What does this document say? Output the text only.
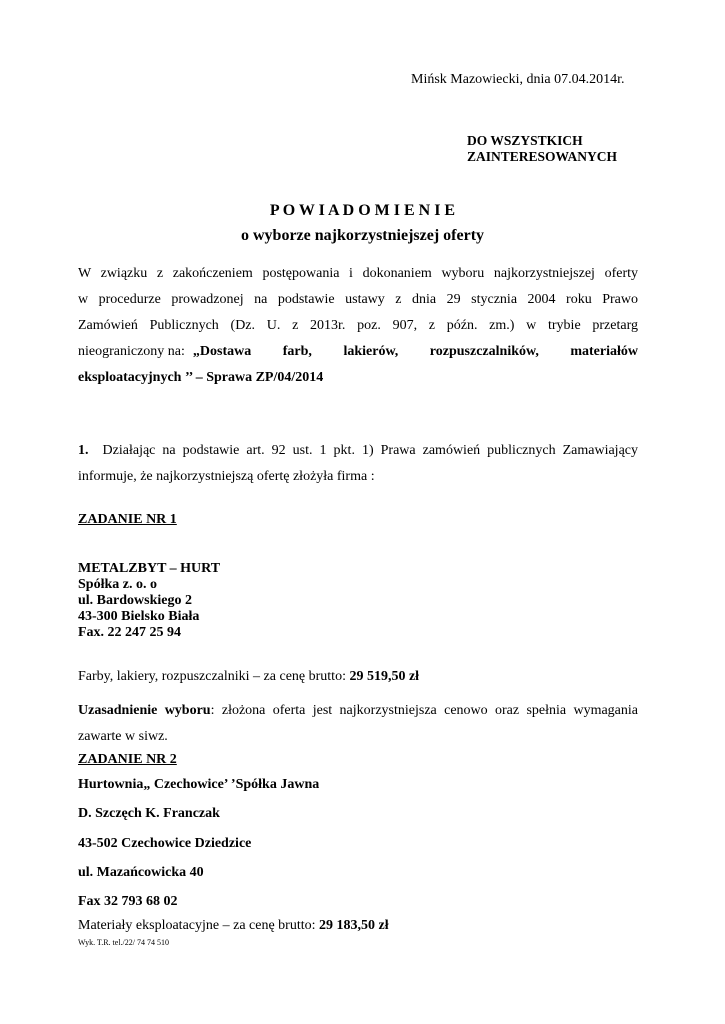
Mińsk Mazowiecki, dnia 07.04.2014r.
DO WSZYSTKICH
ZAINTERESOWANYCH
P O W I A D O M I E N I E
o wyborze najkorzystniejszej oferty
W związku z zakończeniem postępowania i dokonaniem wyboru najkorzystniejszej oferty
w procedurze prowadzonej na podstawie ustawy z dnia 29 stycznia 2004 roku Prawo
Zamówień Publicznych (Dz. U. z 2013r. poz. 907, z późn. zm.) w trybie przetarg
nieograniczony na: „Dostawa farb, lakierów, rozpuszczalników, materiałów
eksploatacyjnych ’’ – Sprawa ZP/04/2014
1. Działając na podstawie art. 92 ust. 1 pkt. 1) Prawa zamówień publicznych Zamawiający
informuje, że najkorzystniejszą ofertę złożyła firma :
ZADANIE NR 1
METALZBYT – HURT
Spółka z. o. o
ul. Bardowskiego 2
43-300 Bielsko Biała
Fax. 22 247 25 94
Farby, lakiery, rozpuszczalniki – za cenę brutto: 29 519,50 zł
Uzasadnienie wyboru: złożona oferta jest najkorzystniejsza cenowo oraz spełnia wymagania
zawarte w siwz.
ZADANIE NR 2
Hurtownia„ Czechowice’ ’Spółka Jawna
D. Szczęch K. Franczak
43-502 Czechowice Dziedzice
ul. Mazańcowicka 40
Fax 32 793 68 02
Materiały eksploatacyjne – za cenę brutto: 29 183,50 zł
Wyk. T.R. tel./22/ 74 74 510
